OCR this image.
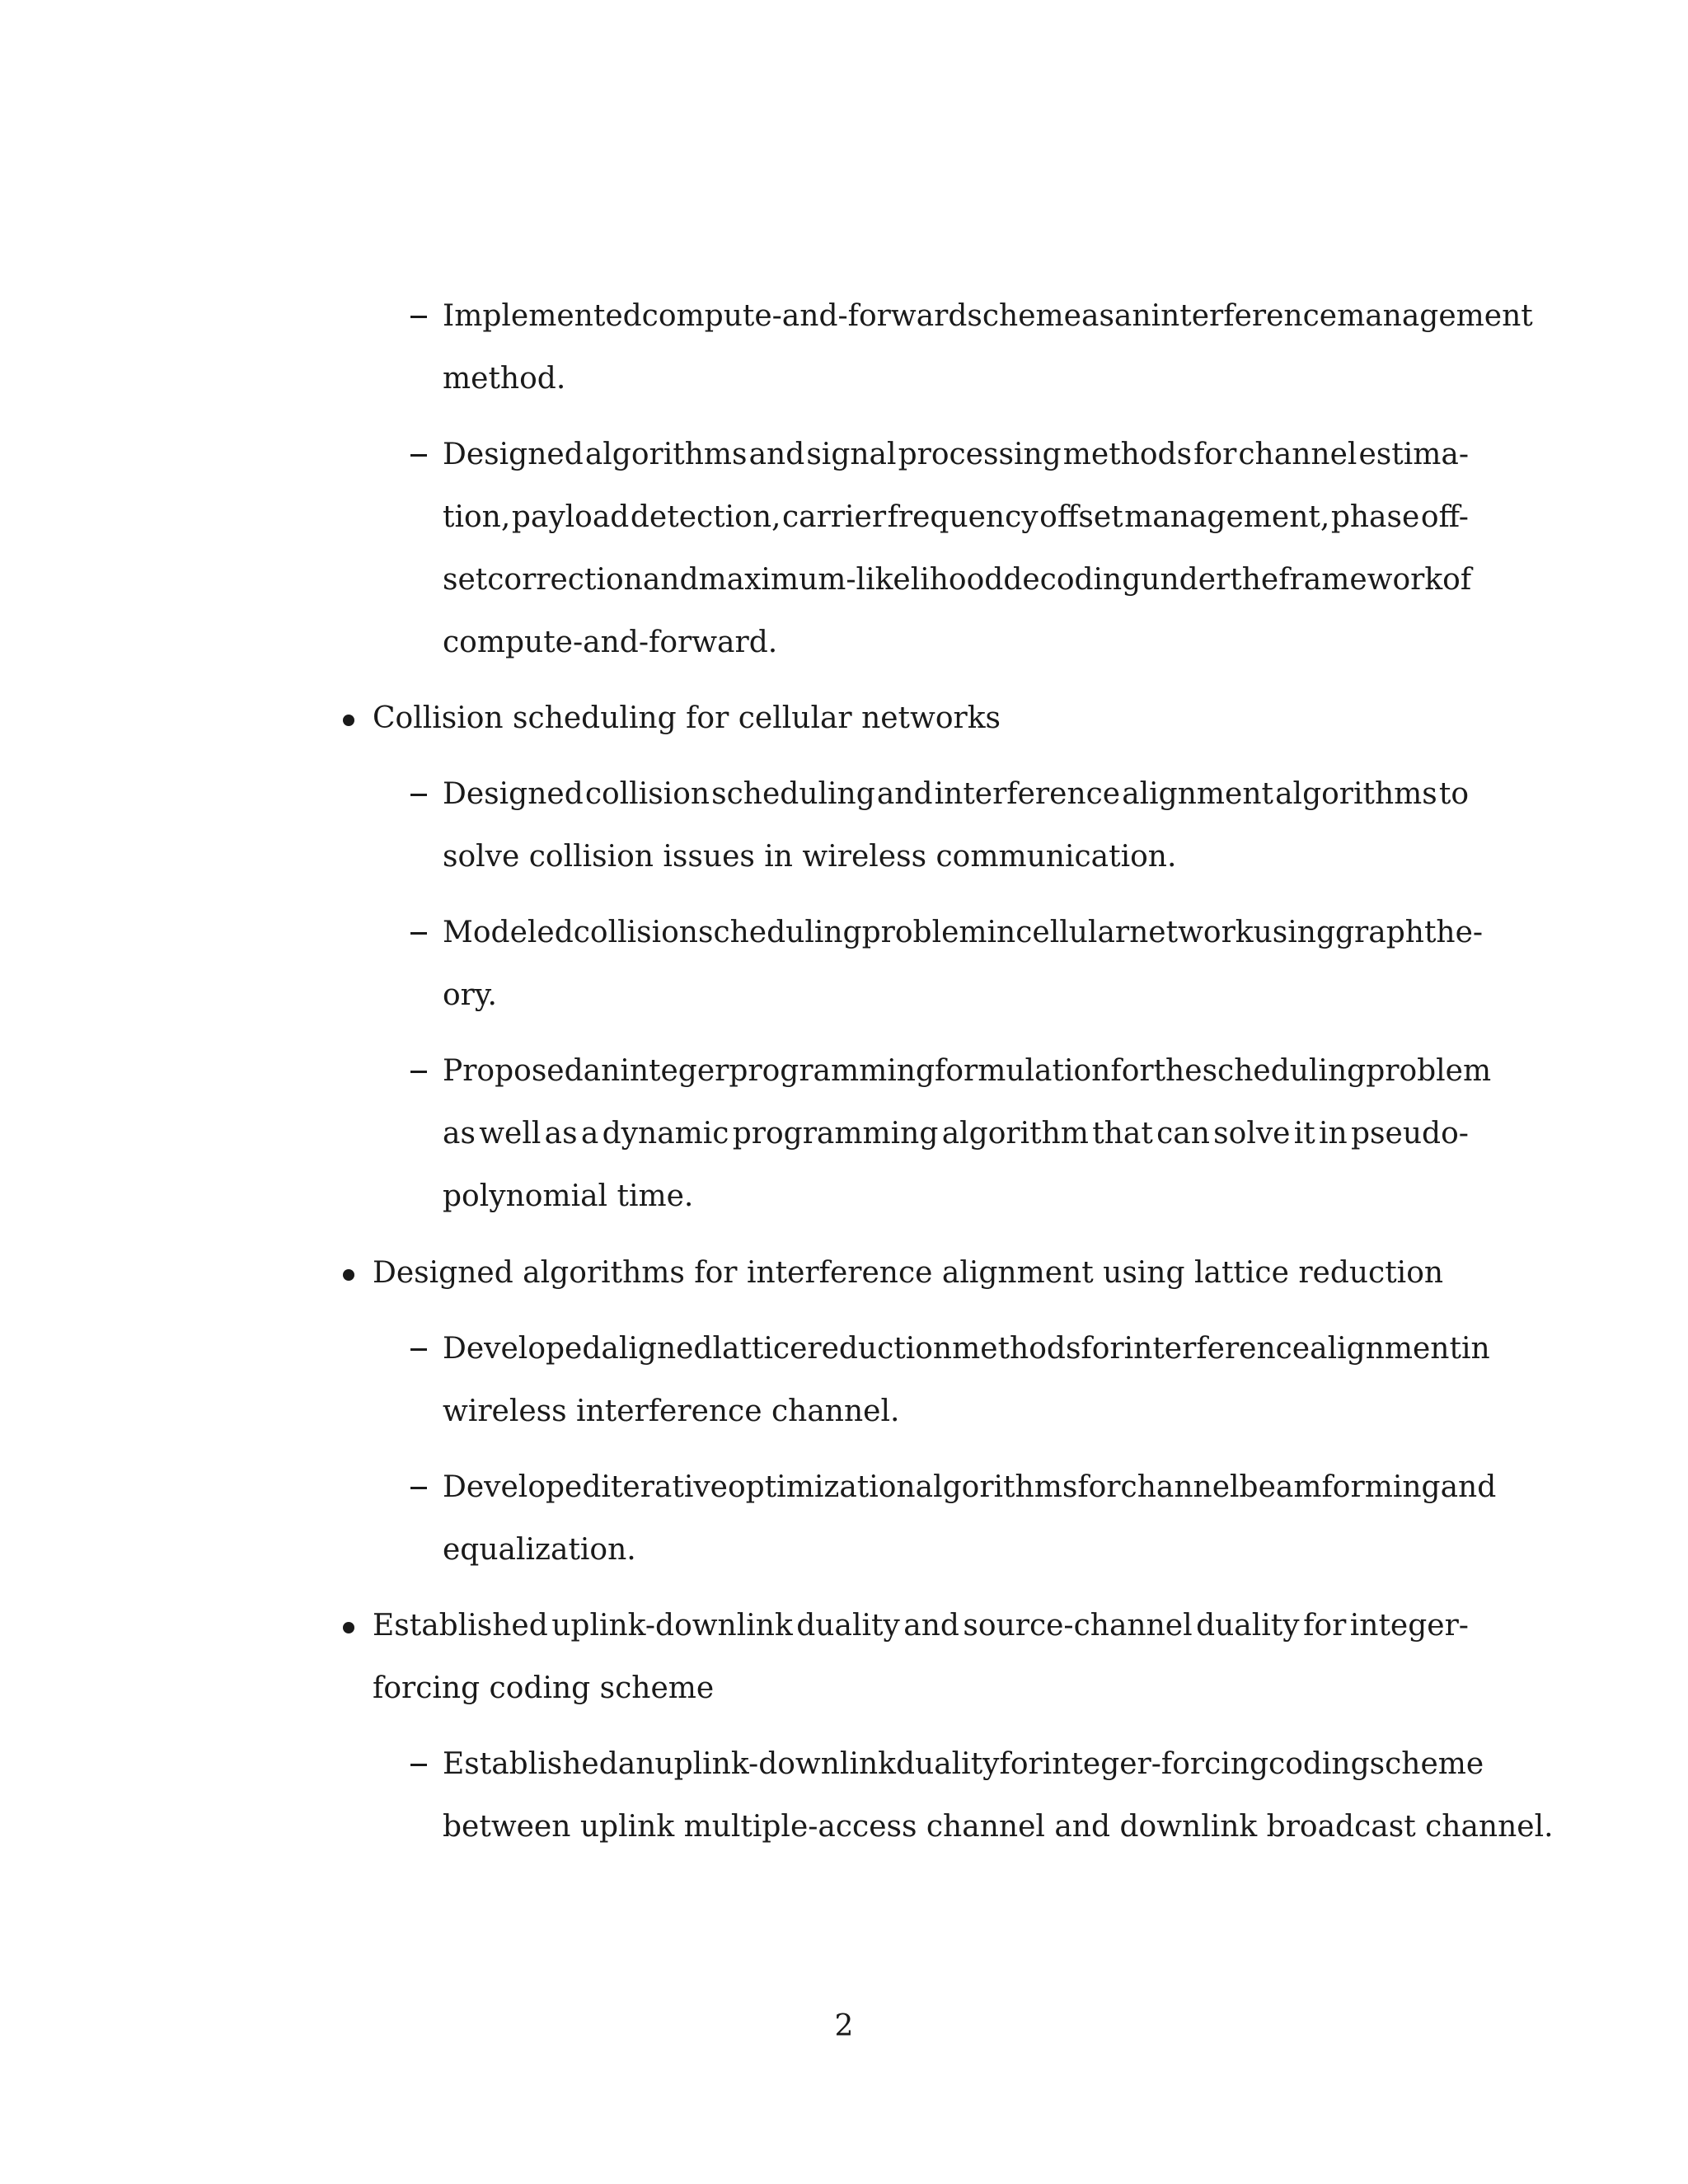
Implemented compute-and-forward scheme as an interference management
method.
Designed algorithms and signal processing methods for channel estima-
tion, payload detection, carrier frequency offset management, phase off-
set correction and maximum-likelihood decoding under the framework of
compute-and-forward.
Collision scheduling for cellular networks
Designed collision scheduling and interference alignment algorithms to
solve collision issues in wireless communication.
Modeled collision scheduling problem in cellular network using graph the-
ory.
Proposed an integer programming formulation for the scheduling problem
as well as a dynamic programming algorithm that can solve it in pseudo-
polynomial time.
Designed algorithms for interference alignment using lattice reduction
Developed aligned lattice reduction methods for interference alignment in
wireless interference channel.
Developed iterative optimization algorithms for channel beamforming and
equalization.
Established uplink-downlink duality and source-channel duality for integer-
forcing coding scheme
Established an uplink-downlink duality for integer-forcing coding scheme
between uplink multiple-access channel and downlink broadcast channel.
2
